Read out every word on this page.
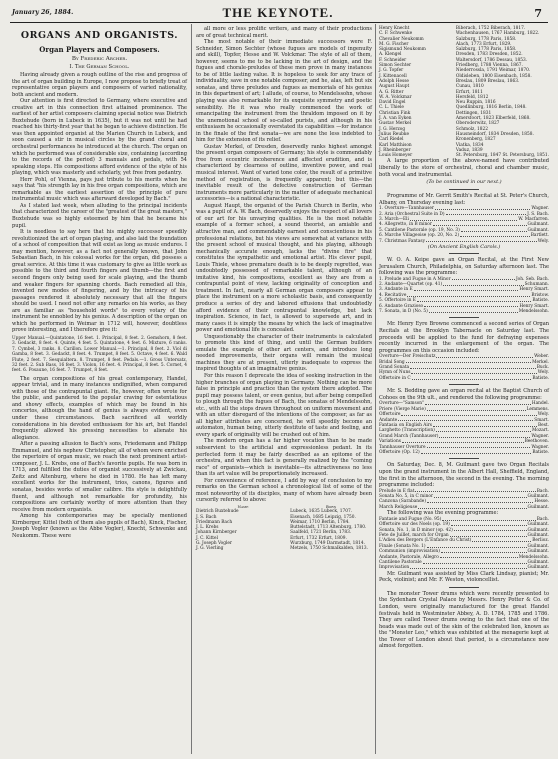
January 26, 1884.	THE KEYNOTE.	7
ORGANS AND ORGANISTS.
Organ Players and Composers.
By Frederic Archer.
I. The German School.

Having already given a rough outline of the rise and progress of the art of organ building in Europe, I now propose to briefly treat of representative organ players and composers of varied nationality, both ancient and modern.

Our attention is first directed to Germany, where executive and creative art in this connection first attained prominence. The earliest of her artist composers claiming special notice was Dietrich Buxtehude (born in Lubeck in 1635), but it was not until he had reached his thirty-first year that he began to achieve distinction. He was then appointed organist at the Marien Church in Lubeck, and soon caused a stir in musical circles by the grand choral and orchestral performances he introduced at the church. The organ on which he performed was of considerable size, containing (according to the records of the period) 3 manuals and pedals, with 54 speaking stops. His compositions afford evidence of the style of his playing, which was masterly and scholarly, yet free from pedantry.

Herr Pohl, of Vienna, pays just tribute to his merits when he says that "his strength lay in his free organ compositions, which are remarkable as the earliest assertion of the principle of pure instrumental music which was afterward developed by Bach."

As I stated last week, when alluding to the principal incidents that characterized the career of the "greatest of the great masters," Buxtehude was so highly esteemed by him that he became his pupil.

It is needless to say here that his mighty successor speedily revolutionized the art of organ playing, and also laid the foundation of a school of composition that will exist as long as music endures. I may mention, however, as a fact not generally known, that John Sebastian Bach, in his colossal works for the organ, did possess a great service. At this time it was customary to give as little work as possible to the third and fourth fingers and thumb—the first and second fingers only being used for scale playing, and the thumb and weaker fingers for spanning chords. Bach remedied all this, invented new modes of fingering, and by the intricacy of his passages rendered it absolutely necessary that all the fingers should be used. I need not offer any remarks on his works, as they are as familiar as "household words" to every votary of the instrument he ennobled by his genius. A description of the organ on which he performed in Weimar in 1712 will, however, doubtless prove interesting, and I therefore give it:

Upper Manual.—Quintatone, 16 feet. 1. Principal, 8 feet. 2. Gemshorn, 8 feet. 3. Gedackt, 8 feet. 4. Quinte, 4 feet. 5. Quintatone, 4 feet. 6. Mixture, 6 ranks. 7. Cymbel, 3 ranks. 8. Carillon. Lower Manual.—1. Principal, 8 feet. 2. Viol di Gamba, 8 feet. 3. Gedackt, 8 feet. 4. Trumpet, 8 feet. 5. Octave, 4 feet. 6. Wald Flute, 2 feet. 7. Sesquialtera. 8. Trumpet, 8 feet. Pedals.—1. Gross Untersatz, 32 feet. 2. Sub Bass, 16 feet. 3. Violon, 16 feet. 4. Principal, 8 feet. 5. Cornet, 4 feet. 6. Posaune, 16 feet. 7. Trumpet, 8 feet.

The organ compositions of his great contemporary, Handel, appear trivial, and in many instances undignified, when compared with those of the contrapuntal giant. He, however, often wrote for the public, and pandered to the popular craving for ostentatious and showy effects, examples of which may be found in his concertos, although the hand of genius is always evident, even under these circumstances. Bach sacrificed all worldly considerations in his devoted enthusiasm for his art, but Handel frequently allowed his pressing necessities to alienate his allegiance.

After a passing allusion to Bach's sons, Friedemann and Philipp Emmanuel, and his nephew Christopher, all of whom were enriched the repertoire of organ music, we reach the next prominent artist-composer, J. L. Krebs, one of Bach's favorite pupils. He was born in 1713, and fulfilled the duties of organist successively at Zwickau, Zeitz and Altenburg, where he died in 1780. He has left many excellent works for the instrument, trios, canons, figures and sonatas, besides works of smaller calibre. His style is delightfully fluent, and although not remarkable for profundity, his compositions are certainly worthy of more attention than they receive from modern organists.

Among his contemporaries may be specially mentioned Kirnberger, Kittel (both of them also pupils of Bach), Kinck, Fischer, Joseph Vogler (known as the Abbe Vogler), Knecht, Schwenke and Neukomm. These were

all more or less prolific writers, and many of their productions are of great technical merit.

The most notable of their immediate successors were F. Schneider, Simon Sechter (whose fugues are models of ingenuity and skill), Topfer, Hesse and W. Volckmar. The style of all of them, however, seems to me to be lacking in the art of design, and the fugues and chorale-preludes of these men prove in many instances to be of little lasting value. It is hopeless to seek for any trace of individuality, save in one notable composer, and he, alas, left but six sonatas, and three preludes and fugues as memorials of his genius in this department of art; I allude, of course, to Mendelssohn, whose playing was also remarkable for its exquisite symmetry and poetic sensibility. He it was who really commenced the work of emancipating the instrument from the thraldom imposed on it by the unemotional school of so-called purists, and although in his enthusiasm he occasionally overstated its capabilities —for instance in the finale of the first sonata—we are none the less indebted to him for the extension of its relief.

Gustav Merkel, of Dresden, deservedly ranks highest amongst the present organ composers of Germany; his style is commendably free from eccentric incoherence and affected erudition, and is characterized by clearness of outline, inventive power, and real musical interest. Want of varied tone color, the result of a primitive method of registration, is frequently apparent; but this—the inevitable result of the defective construction of German instruments more particularly in the matter of adequate mechanical accessories—is a national characteristic.

August Haupt, the organist of the Parish Church in Berlin, who was a pupil of A. W. Bach, deservedly enjoys the respect of all lovers of our art for his unvarying qualities. He is the most notable example of a former school, a sound theorist, an amiable and attractive man, and commendably earnest and conscientious in his professional relations, but his views are somewhat at variance with the present school of musical thought, and his playing, although mechanically accurate enough, lacks the "divine fire" that constitutes the sympathetic and emotional artist. His clever pupil, Louis Thiele, whose premature death is to be deeply regretted, was undoubtedly possessed of remarkable talent, although of an imitative kind, his compositions, excellent as they are from a contrapuntal point of view, lacking originality of conception and treatment. In fact, nearly all German organ composers appear to place the instrument on a more scholastic basis, and consequently produce a series of dry and labored effusions that undoubtedly afford evidence of their contrapuntal knowledge, but lack inspiration. Science, in fact, is allowed to supersede art, and in many cases it is simply the means by which the lack of imaginative power and emotional life is concealed.

Unquestionably the character of their instruments is calculated to promote this kind of thing, and until the German builders emulate the example of other art centers, and introduce long needed improvements, their organs will remain the musical machines they are at present, utterly inadequate to express the inspired thoughts of an imaginative genius.

For this reason I deprecate the idea of seeking instruction in the higher branches of organ playing in Germany. Nothing can be more false in principle and practice than the system there adopted. The pupil may possess talent, or even genius, but after being compelled to plough through the fugues of Bach, the sonatas of Mendelssohn, etc., with all the stops drawn throughout on uniform movement and with an utter disregard of the intentions of the composer, as far as all higher attributes are concerned, he will speedily become an automaton, human being, utterly destitute of taste and feeling, and every spark of originality will be crushed out of him.

The modern organ has a far higher vocation than to be made subservient to the artificial and expressionless pedant. In its perfected form it may be fairly described as an epitome of the orchestra, and when this fact is generally realized by the "coming race" of organists—which is inevitable—its attractiveness no less than its art value will be proportionately increased.

For convenience of reference, I add by way of conclusion to my remarks on the German school a chronological list of some of the most noteworthy of its disciples, many of whom have already been cursorily referred to above:

Name	Born
Dietrich Buxtehude	Lubeck, 1635 Lubeck, 1707.
J. S. Bach	Eisenach, 1685 Leipzig, 1750.
Friedmann Bach	Weimar, 1710 Berlin, 1784.
J. L. Krebs	Buttelstadt, 1713 Altenburg, 1780.
Johann Kirnberger	Saalfeld, 1721 Berlin, 1783.
J. C. Kittel	Erfurt, 1732 Erfurt, 1809.
G. Joseph Vogler	Wurzburg, 1749 Darmstadt, 1814.
J. G. Vierling	Metzels, 1750 Schmalkalden, 1813.
Henry Knecht	Biberach, 1752 Biberach, 1817.
C. F. Schwenke	Wachenhausen, 1767 Hamburg, 1822.
Chevalier Neukomm	Salzburg, 1778 Paris, 1858.
M. G. Fischer	Alach, 1773 Erfurt, 1829.
Sigismund Neukomm	Salzburg, 1778 Paris, 1858.
A. Klengel	Dresden, 1783 Dresden, 1852.
F. Schneider	Waltersdorf, 1786 Dessau, 1853.
Simon Sechter	Friedberg, 1788 Vienna, 1867.
J. G. Topfer	Niederrossla, 1791 Weimar, 1870.
J. Kittenacell	Oldisleben, 1800 Eisenbach, 1858.
Adolph Hesse	Breslau, 1809 Breslau, 1863.
August Haupt	Cunau, 1810
A. G. Ritter	Erfurt, 1811
W. A. Volckmar	Hersfeld, 1812
David Engel	Neu Ruppin, 1816
C. L. Thiele	Quedlinburg, 1816 Berlin, 1848.
Christian Fink	Dettingen, 1831
J. A. van Eyken	Amersfoort, 1823 Elberfeld, 1868.
Gustav Merkel	Oberoderwitz, 1827
J. G. Herzog	Schmolz, 1822
Julius Reubke	Hausneindorf, 1834 Dresden, 1858.
Carl Riedel	Kronenberg, 1827
Karl Matthison	Viatka, 1834
J. Rheinberger	Vaduz, 1839
Louis Homeyer	St. Petersburg, 1847 St. Petersburg, 1851.

A large proportion of the above-named have contributed liberally to the store of orchestral, choral and chamber music, both vocal and instrumental.

(To be continued in our next.)

Programme of Mr. Gerrit Smith's Recital at St. Peter's Church, Albany, on Thursday evening last:

1. Overture—Tannhauser	Wagner.
2. Aria (Orchestral Suite in D)	J. S. Bach.
3. March—Eli	W. Macfarren.
4. Allegretto, in B minor	Guilmant.
5. Cantilene Pastorale (op. 19, No. 3)	Guilmant.
6. Marche Villageoise (op. 20, No. 2)	Bartlett.
7. Christmas Fantasy	Wely.
(On Ancient English Carols.)

W. O. A. Keipe gave an Organ Recital, at the First New Jerusalem Church, Philadelphia, on Saturday afternoon last. The following was the programme:

1. Prelude and Fugue in A Minor	Joh. Seb. Bach.
2. Andante—Quartet (op. 41)	Schumann.
3. Andante in E	Henry Smart.
4. Recitative	Bristow.
5. Offertoire in E	Batiste.
6. Andante Grazioso	Henry Smart.
7. Sonata, in D (No. 5)	Mendelssohn.

Mr. Henry Eyre Browne commenced a second series of Organ Recitals at the Brooklyn Tabernacle on Saturday last. The proceeds will be applied to the fund for defraying expenses recently incurred in the enlargement of the organ. The programmes on this occasion included:

Overture—Der Freischutz	Weber.
Bridal Song	Merkel.
Grand Sonata	Buck.
Hymn of Nuns	Wely.
Offertoire in C	Batiste.

Mr. S. Bedding gave an organ recital at the Baptist Church of Cohoes on the 9th ult., and rendered the following programme:

Overture—"Samson"	Handel.
Priere (Vierge Marie)	Lemmens.
Offertoire	Wely.
Andante	Smart.
Fantasia on English Airs	Best.
Larghetto (Transcription)	Mozart.
Grand March (Tannhauser)	Wagner.
Variations	Beethoven.
Tannhauser Overture	Wagner.
Offertoire (Op. 12)	Batiste.

On Saturday, Dec. 8, M. Guilmant gave two Organ Recitals upon the grand instrument in the Albert Hall, Sheffield, England, the first in the afternoon, the second in the evening. The morning programme included:

Prelude in E flat	Bach.
Sonata No. 5, in C minor	Guilmant.
Canzona (Sarabande)	Hesse.
March Religieuse	Guilmant.

The following was the evening programme:

Fantasie and Fugue (No. 95)	Bach.
Offertoire sur des Noels (op. 19)	Guilmant.
Sonata, No. 1, in D minor (op. 42)	Guilmant.
Fete de Juillet, march for Organ	Guilmant.
L'Adieu des Bergers (L'Enfance du Christ)	Berlioz.
Finale (Sonata No. 1)	Guilmant.
Communion (improvisation)	Guilmant.
Andante, Pastorale, Allegro	Mendelssohn.
Cantilene Pastorale	Guilmant.
Improvisation	Guilmant.

Mr. Guilmant was assisted by Miss Clark Lindsay, pianist; Mr. Peck, violinist; and Mr. F. Weston, violoncellist.

The monster Tower drums which were recently presented to the Sydenham Crystal Palace by Messrs. Henry Potter & Co. of London, were originally manufactured for the great Handel festivals held in Westminster Abbey, A. D. 1784, 1785 and 1786. They are called Tower drums owing to the fact that one of the heads was made out of the skin of the celebrated lion, known as the "Monster Leo," which was exhibited at the menagerie kept at the Tower of London about that period, is a circumstance now almost forgotten.
